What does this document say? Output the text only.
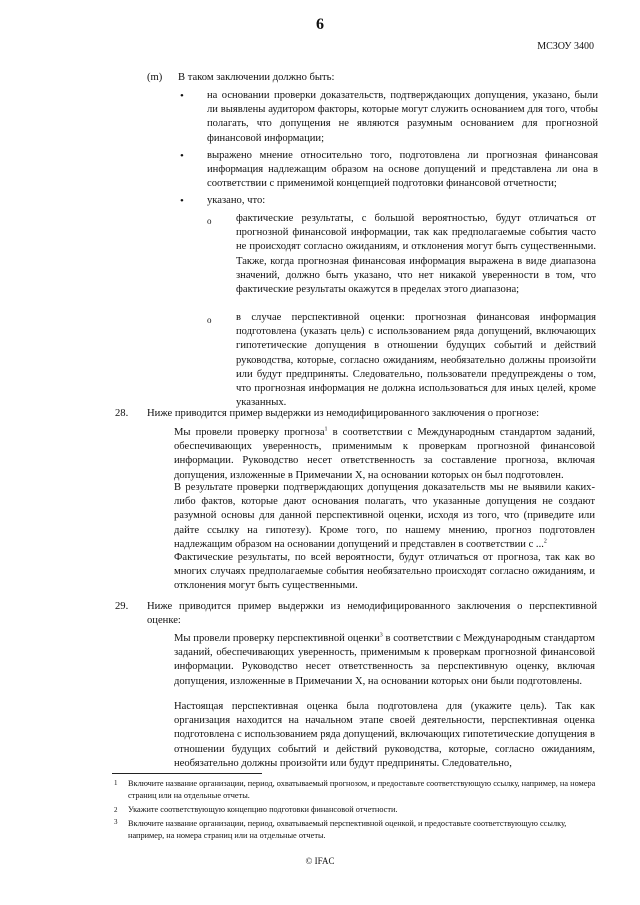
6
МСЗОУ 3400
(m) В таком заключении должно быть:
• на основании проверки доказательств, подтверждающих допущения, указано, были ли выявлены аудитором факторы, которые могут служить основанием для того, чтобы полагать, что допущения не являются разумным основанием для прогнозной финансовой информации;

• выражено мнение относительно того, подготовлена ли прогнозная финансовая информация надлежащим образом на основе допущений и представлена ли она в соответствии с применимой концепцией подготовки финансовой отчетности;

• указано, что:
o фактические результаты, с большой вероятностью, будут отличаться от прогнозной финансовой информации, так как предполагаемые события часто не происходят согласно ожиданиям, и отклонения могут быть существенными. Также, когда прогнозная финансовая информация выражена в виде диапазона значений, должно быть указано, что нет никакой уверенности в том, что фактические результаты окажутся в пределах этого диапазона;

o в случае перспективной оценки: прогнозная финансовая информация подготовлена (указать цель) с использованием ряда допущений, включающих гипотетические допущения в отношении будущих событий и действий руководства, которые, согласно ожиданиям, необязательно должны произойти или будут предприняты. Следовательно, пользователи предупреждены о том, что прогнозная информация не должна использоваться для иных целей, кроме указанных.

28. Ниже приводится пример выдержки из немодифицированного заключения о прогнозе:

Мы провели проверку прогноза$^1$ в соответствии с Международным стандартом заданий, обеспечивающих уверенность, применимым к проверкам прогнозной финансовой информации. Руководство несет ответственность за составление прогноза, включая допущения, изложенные в Примечании Х, на основании которых он был подготовлен.

В результате проверки подтверждающих допущения доказательств мы не выявили каких-либо фактов, которые дают основания полагать, что указанные допущения не создают разумной основы для данной перспективной оценки, исходя из того, что (приведите или дайте ссылку на гипотезу). Кроме того, по нашему мнению, прогноз подготовлен надлежащим образом на основании допущений и представлен в соответствии с ...$^2$

Фактические результаты, по всей вероятности, будут отличаться от прогноза, так как во многих случаях предполагаемые события необязательно происходят согласно ожиданиям, и отклонения могут быть существенными.

29. Ниже приводится пример выдержки из немодифицированного заключения о перспективной оценке:

Мы провели проверку перспективной оценки$^3$ в соответствии с Международным стандартом заданий, обеспечивающих уверенность, применимым к проверкам прогнозной финансовой информации. Руководство несет ответственность за перспективную оценку, включая допущения, изложенные в Примечании Х, на основании которых они были подготовлены.

Настоящая перспективная оценка была подготовлена для (укажите цель). Так как организация находится на начальном этапе своей деятельности, перспективная оценка подготовлена с использованием ряда допущений, включающих гипотетические допущения в отношении будущих событий и действий руководства, которые, согласно ожиданиям, необязательно должны произойти или будут предприняты. Следовательно,

1 Включите название организации, период, охватываемый прогнозом, и предоставьте соответствующую ссылку, например, на номера страниц или на отдельные отчеты.

2 Укажите соответствующую концепцию подготовки финансовой отчетности.

3 Включите название организации, период, охватываемый перспективной оценкой, и предоставьте соответствующую ссылку, например, на номера страниц или на отдельные отчеты.

© IFAC
